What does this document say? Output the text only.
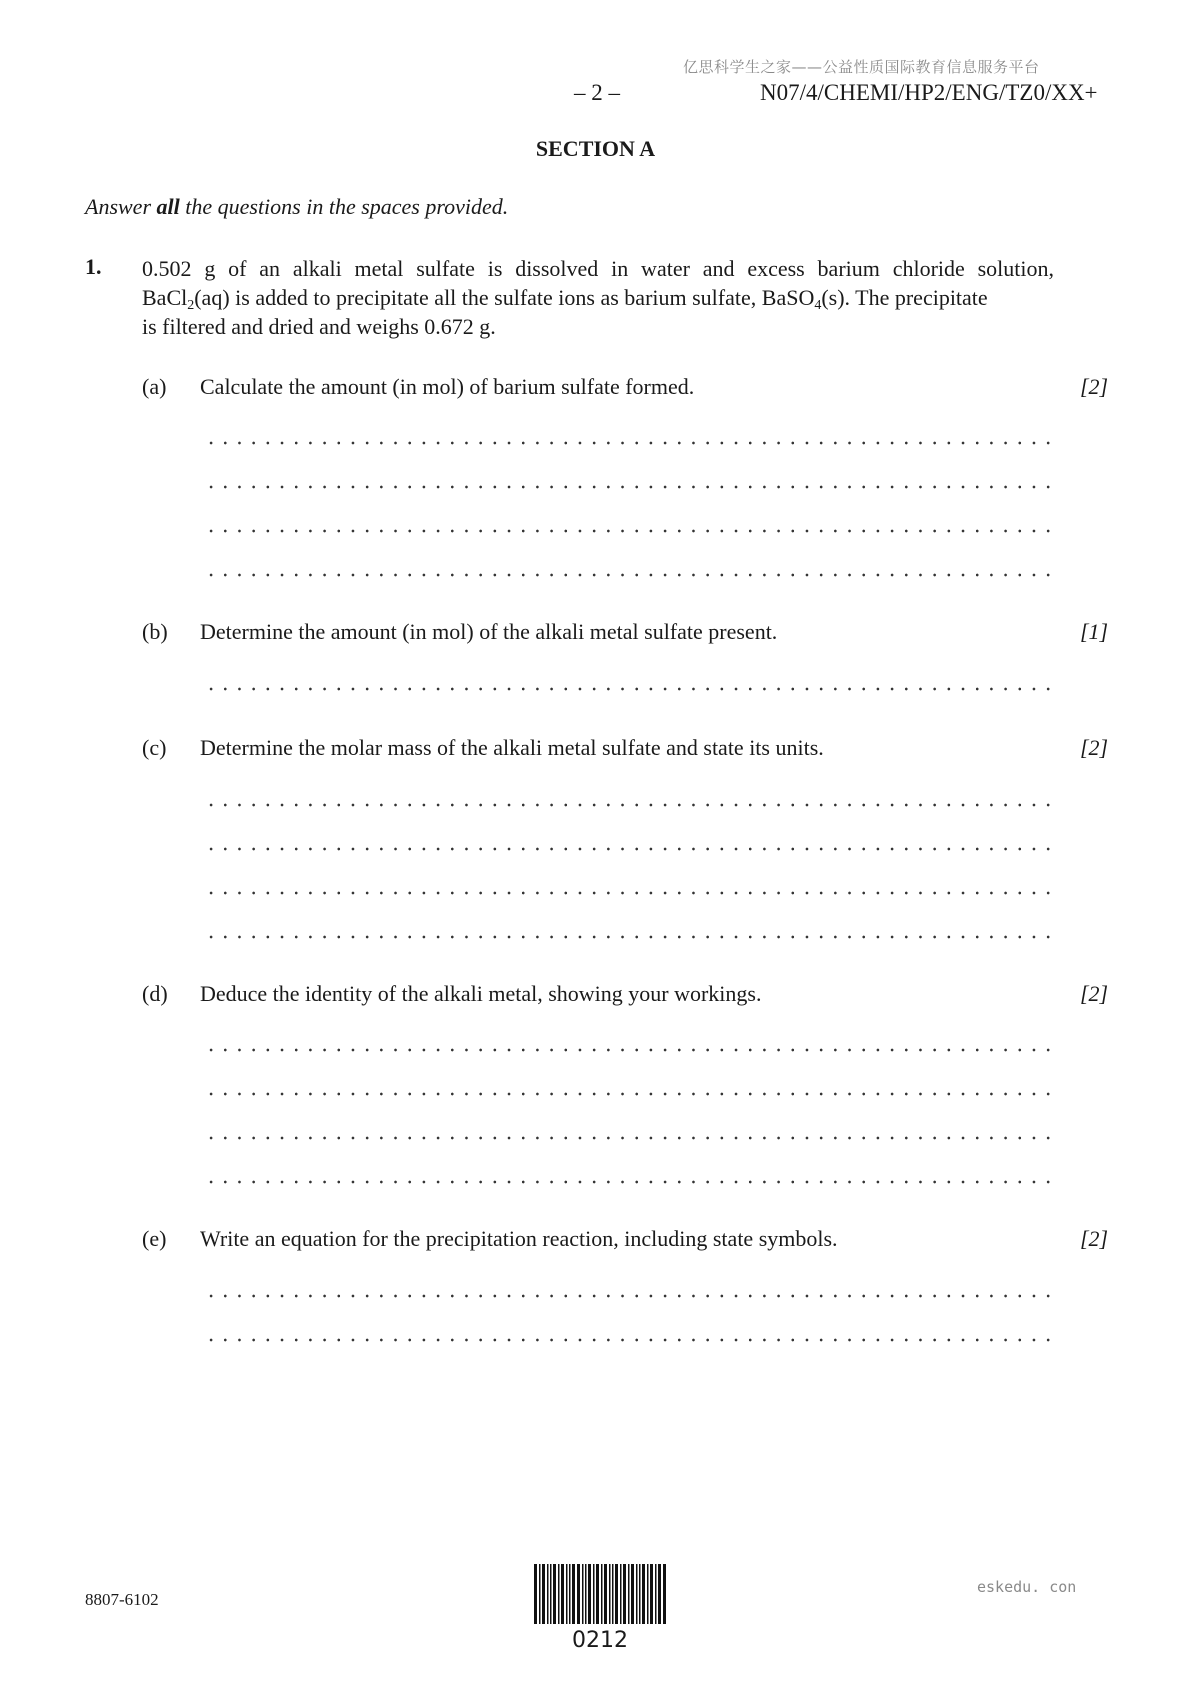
亿思科学生之家——公益性质国际教育信息服务平台
– 2 –	N07/4/CHEMI/HP2/ENG/TZ0/XX+
SECTION A
Answer all the questions in the spaces provided.
1. 0.502 g of an alkali metal sulfate is dissolved in water and excess barium chloride solution,
BaCl$_2$(aq) is added to precipitate all the sulfate ions as barium sulfate, BaSO$_4$(s). The precipitate
is filtered and dried and weighs 0.672 g.
(a) Calculate the amount (in mol) of barium sulfate formed.	[2]
(b) Determine the amount (in mol) of the alkali metal sulfate present.	[1]
(c) Determine the molar mass of the alkali metal sulfate and state its units.	[2]
(d) Deduce the identity of the alkali metal, showing your workings.	[2]
(e) Write an equation for the precipitation reaction, including state symbols.	[2]
8807-6102
0212
eskedu. con
